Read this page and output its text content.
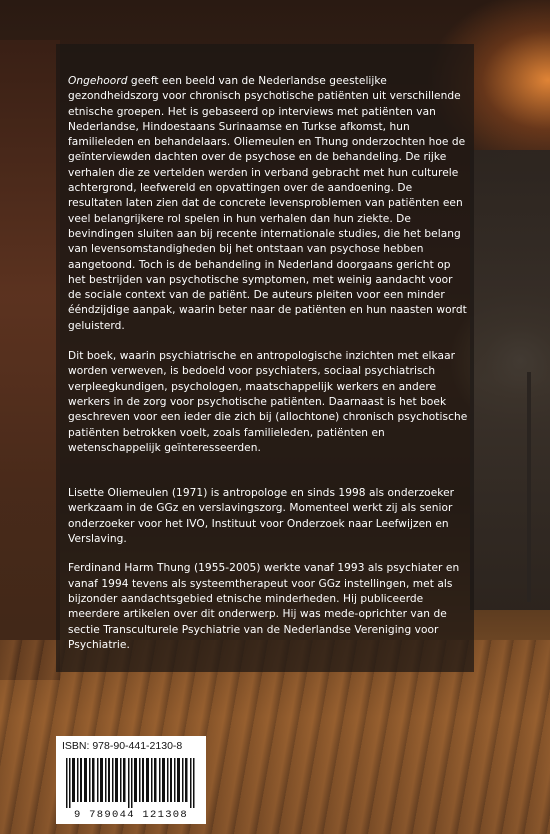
Ongehoord geeft een beeld van de Nederlandse geestelijke gezondheidszorg voor chronisch psychotische patiënten uit verschillende etnische groepen. Het is gebaseerd op interviews met patiënten van Nederlandse, Hindoestaans Surinaamse en Turkse afkomst, hun familieleden en behandelaars. Oliemeulen en Thung onderzochten hoe de geïnterviewden dachten over de psychose en de behandeling. De rijke verhalen die ze vertelden werden in verband gebracht met hun culturele achtergrond, leefwereld en opvattingen over de aandoening. De resultaten laten zien dat de concrete levensproblemen van patiënten een veel belangrijkere rol spelen in hun verhalen dan hun ziekte. De bevindingen sluiten aan bij recente internationale studies, die het belang van levensomstandigheden bij het ontstaan van psychose hebben aangetoond. Toch is de behandeling in Nederland doorgaans gericht op het bestrijden van psychotische symptomen, met weinig aandacht voor de sociale context van de patiënt. De auteurs pleiten voor een minder ééndzijdige aanpak, waarin beter naar de patiënten en hun naasten wordt geluisterd.

Dit boek, waarin psychiatrische en antropologische inzichten met elkaar worden verweven, is bedoeld voor psychiaters, sociaal psychiatrisch verpleegkundigen, psychologen, maatschappelijk werkers en andere werkers in de zorg voor psychotische patiënten. Daarnaast is het boek geschreven voor een ieder die zich bij (allochtone) chronisch psychotische patiënten betrokken voelt, zoals familieleden, patiënten en wetenschappelijk geïnteresseerden.

Lisette Oliemeulen (1971) is antropologe en sinds 1998 als onderzoeker werkzaam in de GGz en verslavingszorg. Momenteel werkt zij als senior onderzoeker voor het IVO, Instituut voor Onderzoek naar Leefwijzen en Verslaving.

Ferdinand Harm Thung (1955-2005) werkte vanaf 1993 als psychiater en vanaf 1994 tevens als systeemtherapeut voor GGz instellingen, met als bijzonder aandachtsgebied etnische minderheden. Hij publiceerde meerdere artikelen over dit onderwerp. Hij was mede-oprichter van de sectie Transculturele Psychiatrie van de Nederlandse Vereniging voor Psychiatrie.

ISBN: 978-90-441-2130-8
9 789044 121308
